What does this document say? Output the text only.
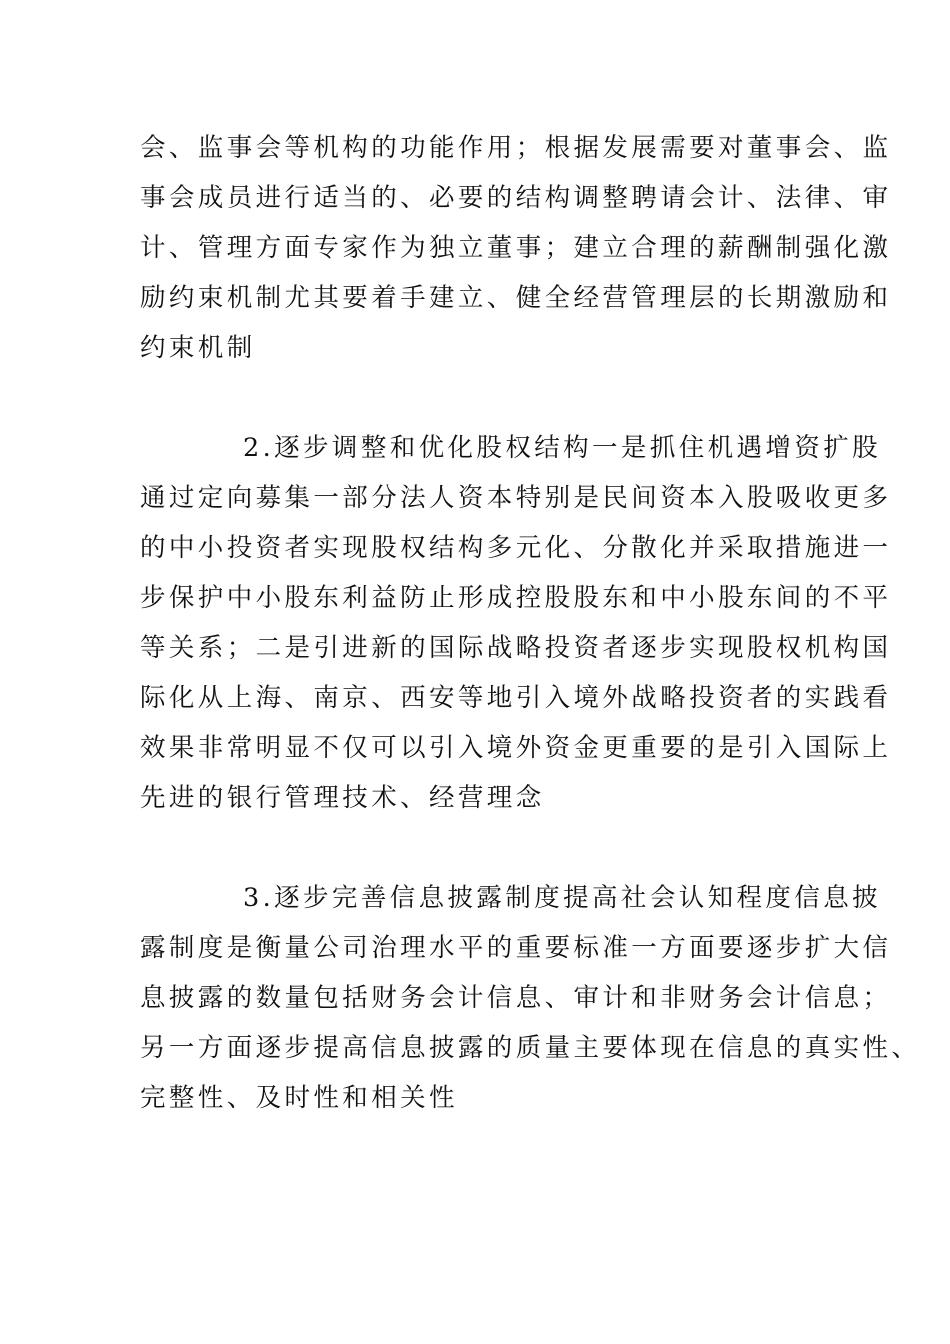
会、监事会等机构的功能作用；根据发展需要对董事会、监
事会成员进行适当的、必要的结构调整聘请会计、法律、审
计、管理方面专家作为独立董事；建立合理的薪酬制强化激
励约束机制尤其要着手建立、健全经营管理层的长期激励和
约束机制
2.逐步调整和优化股权结构一是抓住机遇增资扩股
通过定向募集一部分法人资本特别是民间资本入股吸收更多
的中小投资者实现股权结构多元化、分散化并采取措施进一
步保护中小股东利益防止形成控股股东和中小股东间的不平
等关系；二是引进新的国际战略投资者逐步实现股权机构国
际化从上海、南京、西安等地引入境外战略投资者的实践看
效果非常明显不仅可以引入境外资金更重要的是引入国际上
先进的银行管理技术、经营理念
3.逐步完善信息披露制度提高社会认知程度信息披
露制度是衡量公司治理水平的重要标准一方面要逐步扩大信
息披露的数量包括财务会计信息、审计和非财务会计信息；
另一方面逐步提高信息披露的质量主要体现在信息的真实性、
完整性、及时性和相关性
